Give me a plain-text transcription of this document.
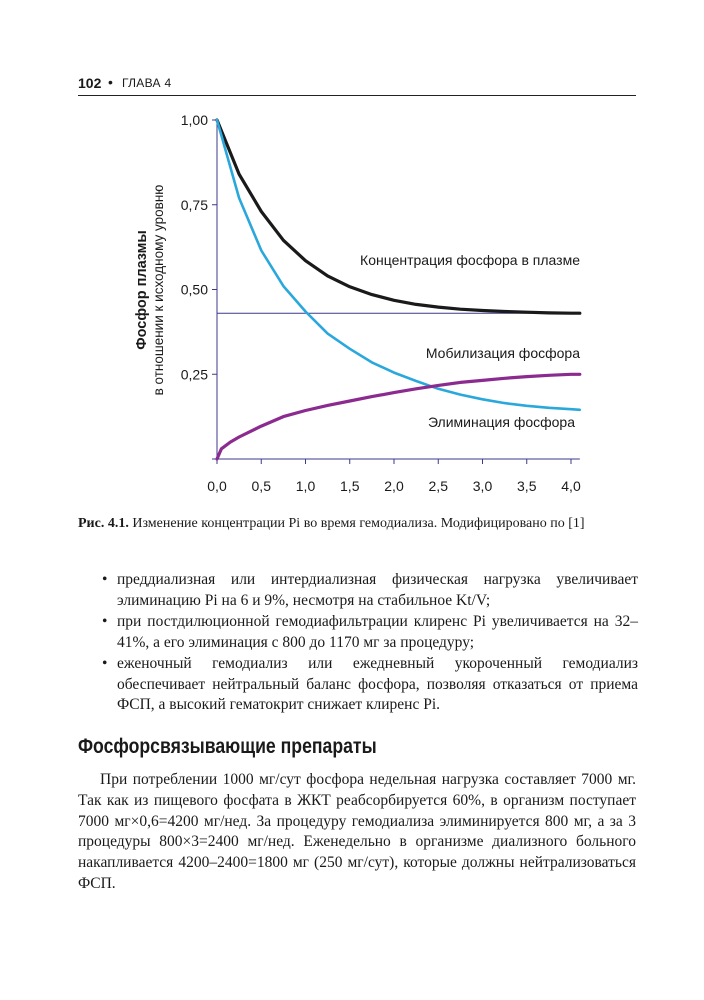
102 • ГЛАВА 4
1,00
0,75
0,50
0,25
0,0 0,5 1,0 1,5 2,0 2,5 3,0 3,5 4,0
Концентрация фосфора в плазме
Мобилизация фосфора
Элиминация фосфора
Фосфор плазмы в отношении к исходному уровню
Рис. 4.1. Изменение концентрации Pi во время гемодиализа. Модифицировано по [1]
• преддиализная или интердиализная физическая нагрузка увеличивает элиминацию Pi на 6 и 9%, несмотря на стабильное Kt/V;
• при постдилюционной гемодиафильтрации клиренс Pi увеличивается на 32–41%, а его элиминация с 800 до 1170 мг за процедуру;
• еженочный гемодиализ или ежедневный укороченный гемодиализ обеспечивает нейтральный баланс фосфора, позволяя отказаться от приема ФСП, а высокий гематокрит снижает клиренс Pi.
Фосфорсвязывающие препараты

При потреблении 1000 мг/сут фосфора недельная нагрузка составляет 7000 мг. Так как из пищевого фосфата в ЖКТ реабсорбируется 60%, в организм поступает 7000 мг×0,6=4200 мг/нед. За процедуру гемодиализа элиминируется 800 мг, а за 3 процедуры 800×3=2400 мг/нед. Еженедельно в организме диализного больного накапливается 4200–2400=1800 мг (250 мг/сут), которые должны нейтрализоваться ФСП.
